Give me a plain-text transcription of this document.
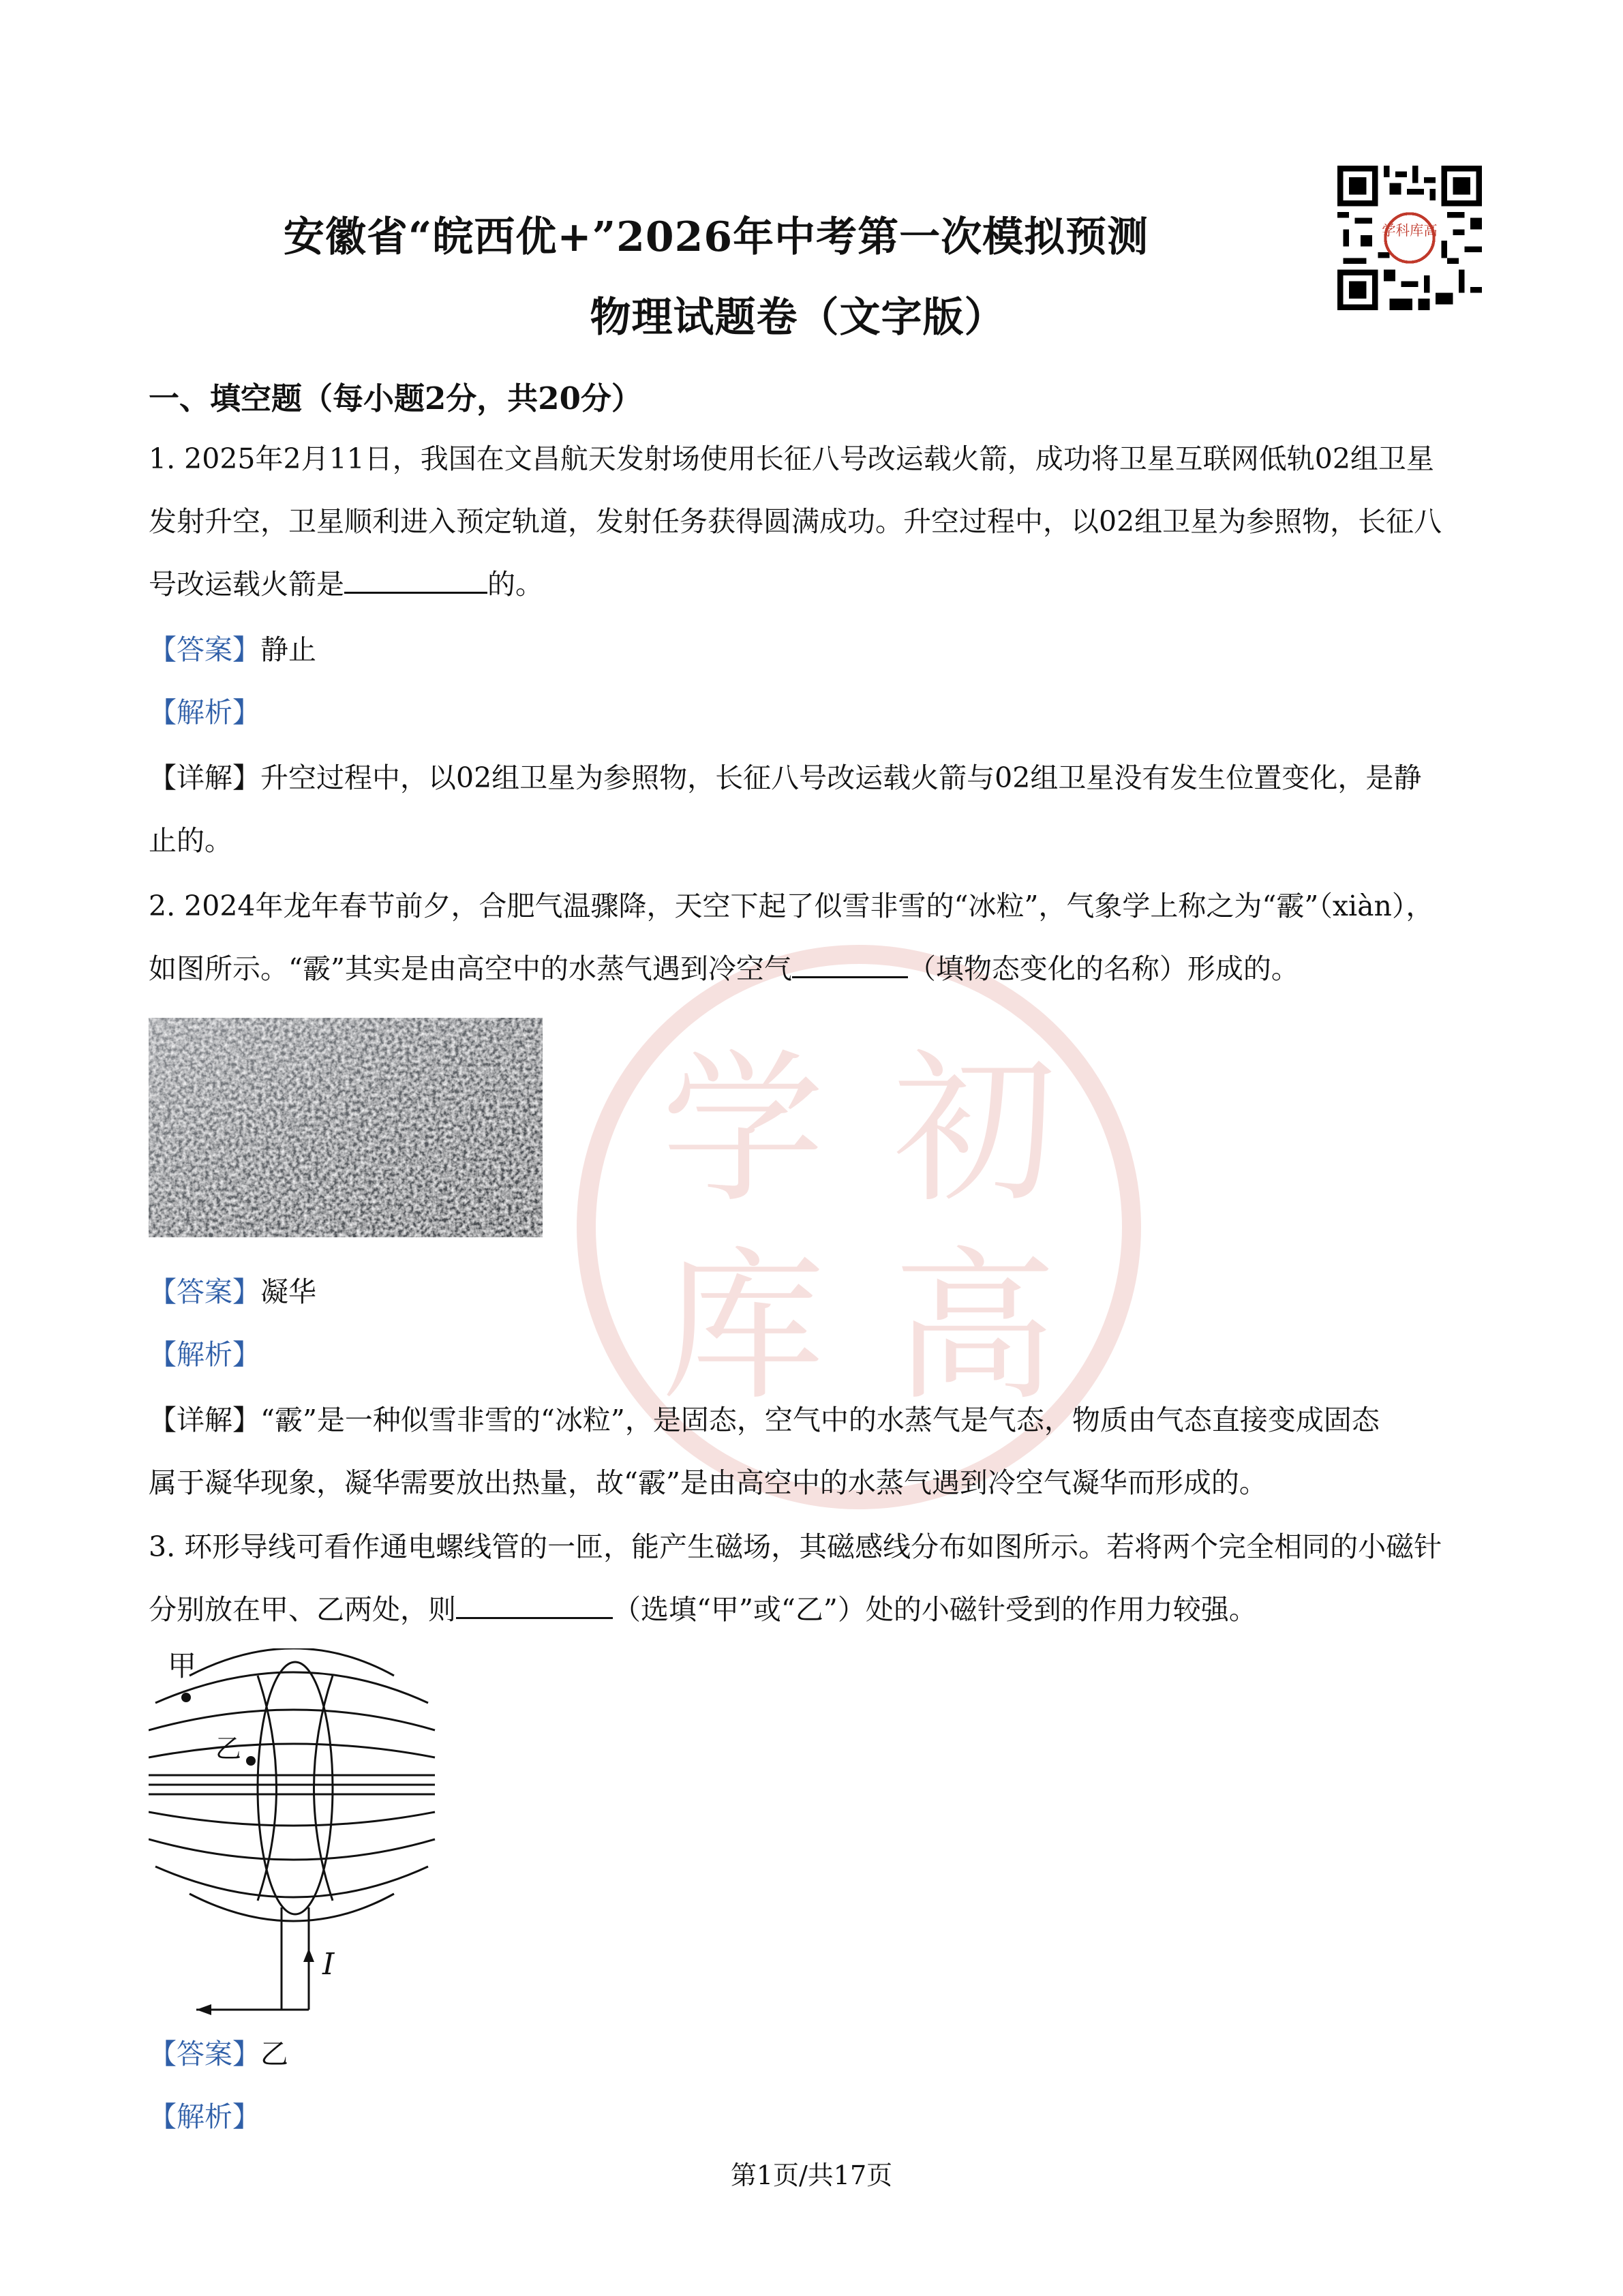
学 初
库 高
学科库高
安徽省“皖西优+”2026年中考第一次模拟预测
物理试题卷（文字版）
一、填空题（每小题2分，共20分）
1. 2025年2月11日，我国在文昌航天发射场使用长征八号改运载火箭，成功将卫星互联网低轨02组卫星
发射升空，卫星顺利进入预定轨道，发射任务获得圆满成功。升空过程中，以02组卫星为参照物，长征八
号改运载火箭是	的。
【答案】静止
【解析】
【详解】升空过程中，以02组卫星为参照物，长征八号改运载火箭与02组卫星没有发生位置变化，是静
止的。
2. 2024年龙年春节前夕，合肥气温骤降，天空下起了似雪非雪的“冰粒”，气象学上称之为“霰”（xiàn），
如图所示。“霰”其实是由高空中的水蒸气遇到冷空气	（填物态变化的名称）形成的。
【答案】凝华
【解析】
【详解】“霰”是一种似雪非雪的“冰粒”，是固态，空气中的水蒸气是气态，物质由气态直接变成固态
属于凝华现象，凝华需要放出热量，故“霰”是由高空中的水蒸气遇到冷空气凝华而形成的。
3. 环形导线可看作通电螺线管的一匝，能产生磁场，其磁感线分布如图所示。若将两个完全相同的小磁针
分别放在甲、乙两处，则	（选填“甲”或“乙”）处的小磁针受到的作用力较强。
甲
乙
I
【答案】乙
【解析】
第1页/共17页
